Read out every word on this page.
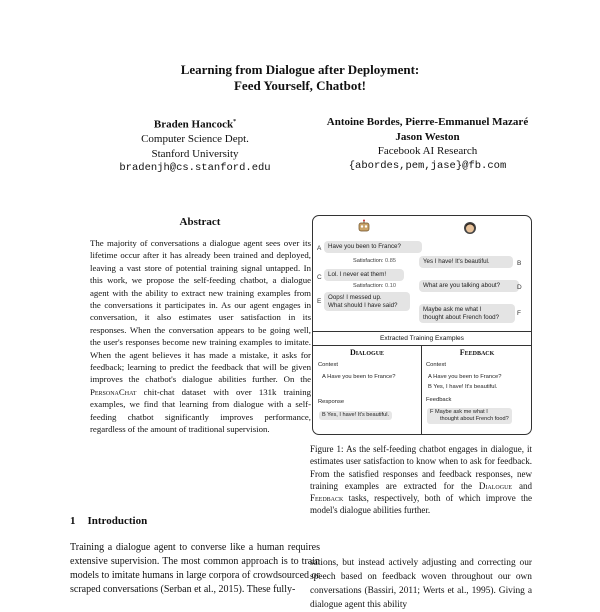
Learning from Dialogue after Deployment:
Feed Yourself, Chatbot!
Braden Hancock*
Computer Science Dept.
Stanford University
bradenjh@cs.stanford.edu
Antoine Bordes, Pierre-Emmanuel Mazaré
Jason Weston
Facebook AI Research
{abordes,pem,jase}@fb.com
Abstract
The majority of conversations a dialogue agent sees over its lifetime occur after it has already been trained and deployed, leaving a vast store of potential training signal untapped. In this work, we propose the self-feeding chatbot, a dialogue agent with the ability to extract new training examples from the conversations it participates in. As our agent engages in conversation, it also estimates user satisfaction in its responses. When the conversation appears to be going well, the user's responses become new training examples to imitate. When the agent believes it has made a mistake, it asks for feedback; learning to predict the feedback that will be given improves the chatbot's dialogue abilities further. On the PersonaChat chit-chat dataset with over 131k training examples, we find that learning from dialogue with a self-feeding chatbot significantly improves performance, regardless of the amount of traditional supervision.
1 Introduction
Training a dialogue agent to converse like a human requires extensive supervision. The most common approach is to train models to imitate humans in large corpora of crowdsourced or scraped conversations (Serban et al., 2015). These fully-
A	Have you been to France?
Yes I have! It's beautiful.	B
Satisfaction: 0.85
C	Lol. I never eat them!
What are you talking about?	D
Satisfaction: 0.10
E
Oops! I messed up.
What should I have said?
Maybe ask me what I
thought about French food?
F
Extracted Training Examples
Dialogue
Context
A Have you been to France?
Response
B Yes, I have! It's beautiful.
Feedback
Context
A Have you been to France?
B Yes, I have! It's beautiful.
Feedback
F Maybe ask me what I
thought about French food?
Figure 1: As the self-feeding chatbot engages in dialogue, it estimates user satisfaction to know when to ask for feedback. From the satisfied responses and feedback responses, new training examples are extracted for the Dialogue and Feedback tasks, respectively, both of which improve the model's dialogue abilities further.
sations, but instead actively adjusting and correcting our speech based on feedback woven throughout our own conversations (Bassiri, 2011; Werts et al., 1995). Giving a dialogue agent this ability
